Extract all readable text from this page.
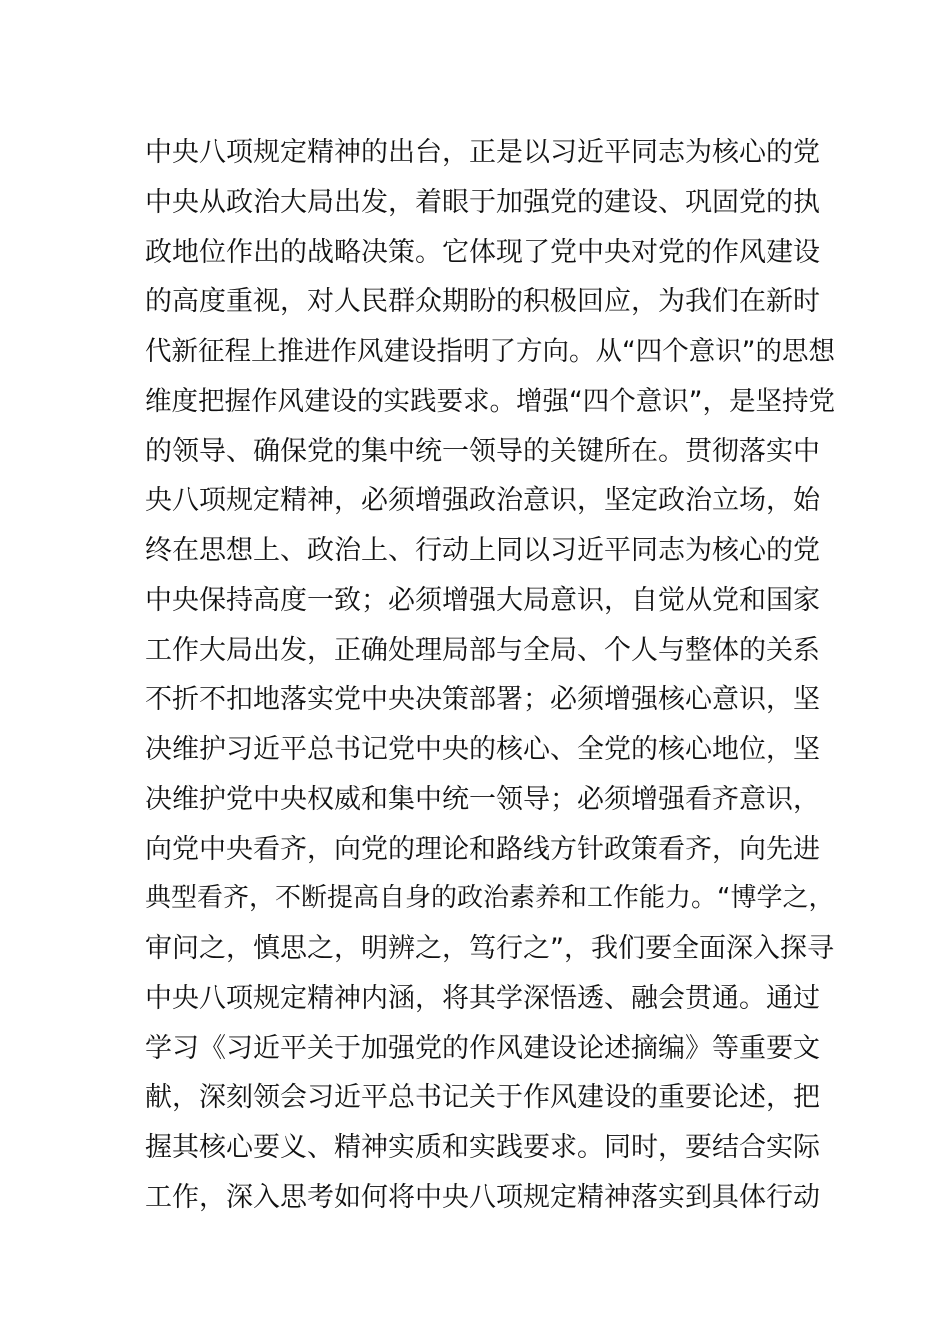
中央八项规定精神的出台，正是以习近平同志为核心的党
中央从政治大局出发，着眼于加强党的建设、巩固党的执
政地位作出的战略决策。它体现了党中央对党的作风建设
的高度重视，对人民群众期盼的积极回应，为我们在新时
代新征程上推进作风建设指明了方向。从“四个意识”的思想
维度把握作风建设的实践要求。增强“四个意识”，是坚持党
的领导、确保党的集中统一领导的关键所在。贯彻落实中
央八项规定精神，必须增强政治意识，坚定政治立场，始
终在思想上、政治上、行动上同以习近平同志为核心的党
中央保持高度一致；必须增强大局意识，自觉从党和国家
工作大局出发，正确处理局部与全局、个人与整体的关系
不折不扣地落实党中央决策部署；必须增强核心意识，坚
决维护习近平总书记党中央的核心、全党的核心地位，坚
决维护党中央权威和集中统一领导；必须增强看齐意识，
向党中央看齐，向党的理论和路线方针政策看齐，向先进
典型看齐，不断提高自身的政治素养和工作能力。“博学之，
审问之，慎思之，明辨之，笃行之”，我们要全面深入探寻
中央八项规定精神内涵，将其学深悟透、融会贯通。通过
学习《习近平关于加强党的作风建设论述摘编》等重要文
献，深刻领会习近平总书记关于作风建设的重要论述，把
握其核心要义、精神实质和实践要求。同时，要结合实际
工作，深入思考如何将中央八项规定精神落实到具体行动
